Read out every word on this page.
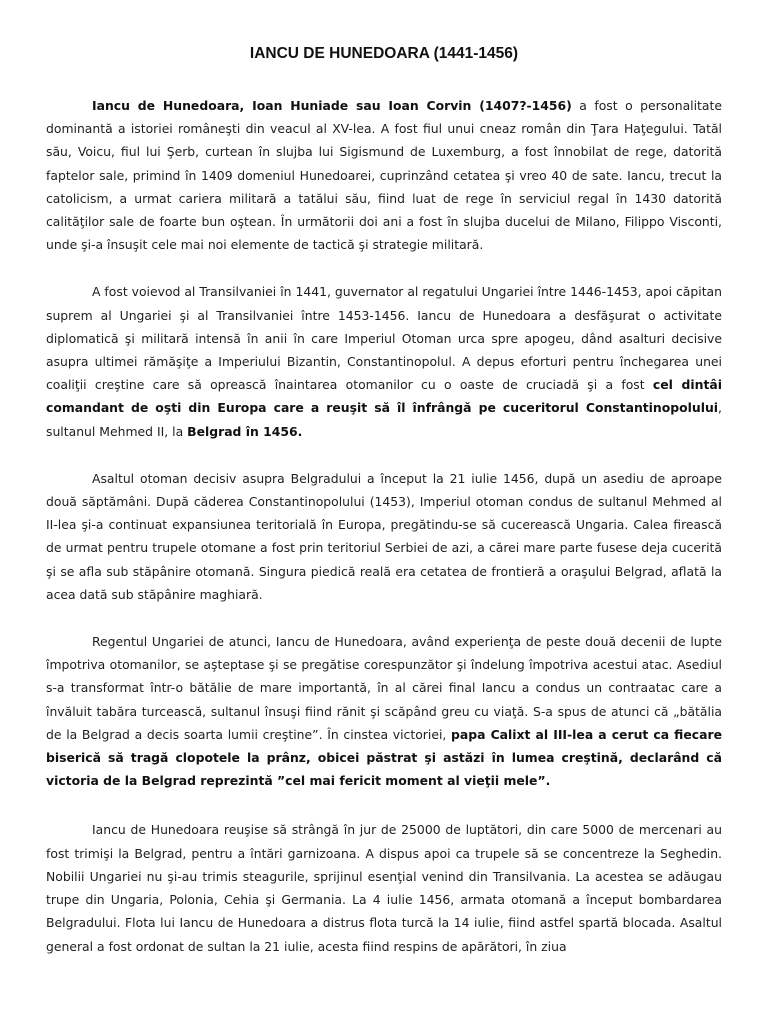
IANCU DE HUNEDOARA (1441-1456)

Iancu de Hunedoara, Ioan Huniade sau Ioan Corvin (1407?-1456) a fost o personalitate dominantă a istoriei româneşti din veacul al XV-lea. A fost fiul unui cneaz român din Ţara Haţegului. Tatăl său, Voicu, fiul lui Şerb, curtean în slujba lui Sigismund de Luxemburg, a fost înnobilat de rege, datorită faptelor sale, primind în 1409 domeniul Hunedoarei, cuprinzând cetatea şi vreo 40 de sate. Iancu, trecut la catolicism, a urmat cariera militară a tatălui său, fiind luat de rege în serviciul regal în 1430 datorită calităţilor sale de foarte bun oştean. În următorii doi ani a fost în slujba ducelui de Milano, Filippo Visconti, unde şi-a însuşit cele mai noi elemente de tactică şi strategie militară.

A fost voievod al Transilvaniei în 1441, guvernator al regatului Ungariei între 1446-1453, apoi căpitan suprem al Ungariei şi al Transilvaniei între 1453-1456. Iancu de Hunedoara a desfăşurat o activitate diplomatică şi militară intensă în anii în care Imperiul Otoman urca spre apogeu, dând asalturi decisive asupra ultimei rămăşiţe a Imperiului Bizantin, Constantinopolul. A depus eforturi pentru închegarea unei coaliţii creştine care să oprească înaintarea otomanilor cu o oaste de cruciadă şi a fost cel dintâi comandant de oşti din Europa care a reuşit să îl înfrângă pe cuceritorul Constantinopolului, sultanul Mehmed II, la Belgrad în 1456.

Asaltul otoman decisiv asupra Belgradului a început la 21 iulie 1456, după un asediu de aproape două săptămâni. După căderea Constantinopolului (1453), Imperiul otoman condus de sultanul Mehmed al II-lea şi-a continuat expansiunea teritorială în Europa, pregătindu-se să cucerească Ungaria. Calea firească de urmat pentru trupele otomane a fost prin teritoriul Serbiei de azi, a cărei mare parte fusese deja cucerită şi se afla sub stăpânire otomană. Singura piedică reală era cetatea de frontieră a oraşului Belgrad, aflată la acea dată sub stăpânire maghiară.

Regentul Ungariei de atunci, Iancu de Hunedoara, având experienţa de peste două decenii de lupte împotriva otomanilor, se aşteptase şi se pregătise corespunzător şi îndelung împotriva acestui atac. Asediul s-a transformat într-o bătălie de mare importantă, în al cărei final Iancu a condus un contraatac care a învăluit tabăra turcească, sultanul însuşi fiind rănit şi scăpând greu cu viaţă. S-a spus de atunci că „bătălia de la Belgrad a decis soarta lumii creştine”. În cinstea victoriei, papa Calixt al III-lea a cerut ca fiecare biserică să tragă clopotele la prânz, obicei păstrat şi astăzi în lumea creştină, declarând că victoria de la Belgrad reprezintă ”cel mai fericit moment al vieţii mele”.

Iancu de Hunedoara reuşise să strângă în jur de 25000 de luptători, din care 5000 de mercenari au fost trimişi la Belgrad, pentru a întări garnizoana. A dispus apoi ca trupele să se concentreze la Seghedin. Nobilii Ungariei nu şi-au trimis steagurile, sprijinul esenţial venind din Transilvania. La acestea se adăugau trupe din Ungaria, Polonia, Cehia şi Germania. La 4 iulie 1456, armata otomană a început bombardarea Belgradului. Flota lui Iancu de Hunedoara a distrus flota turcă la 14 iulie, fiind astfel spartă blocada. Asaltul general a fost ordonat de sultan la 21 iulie, acesta fiind respins de apărători, în ziua
